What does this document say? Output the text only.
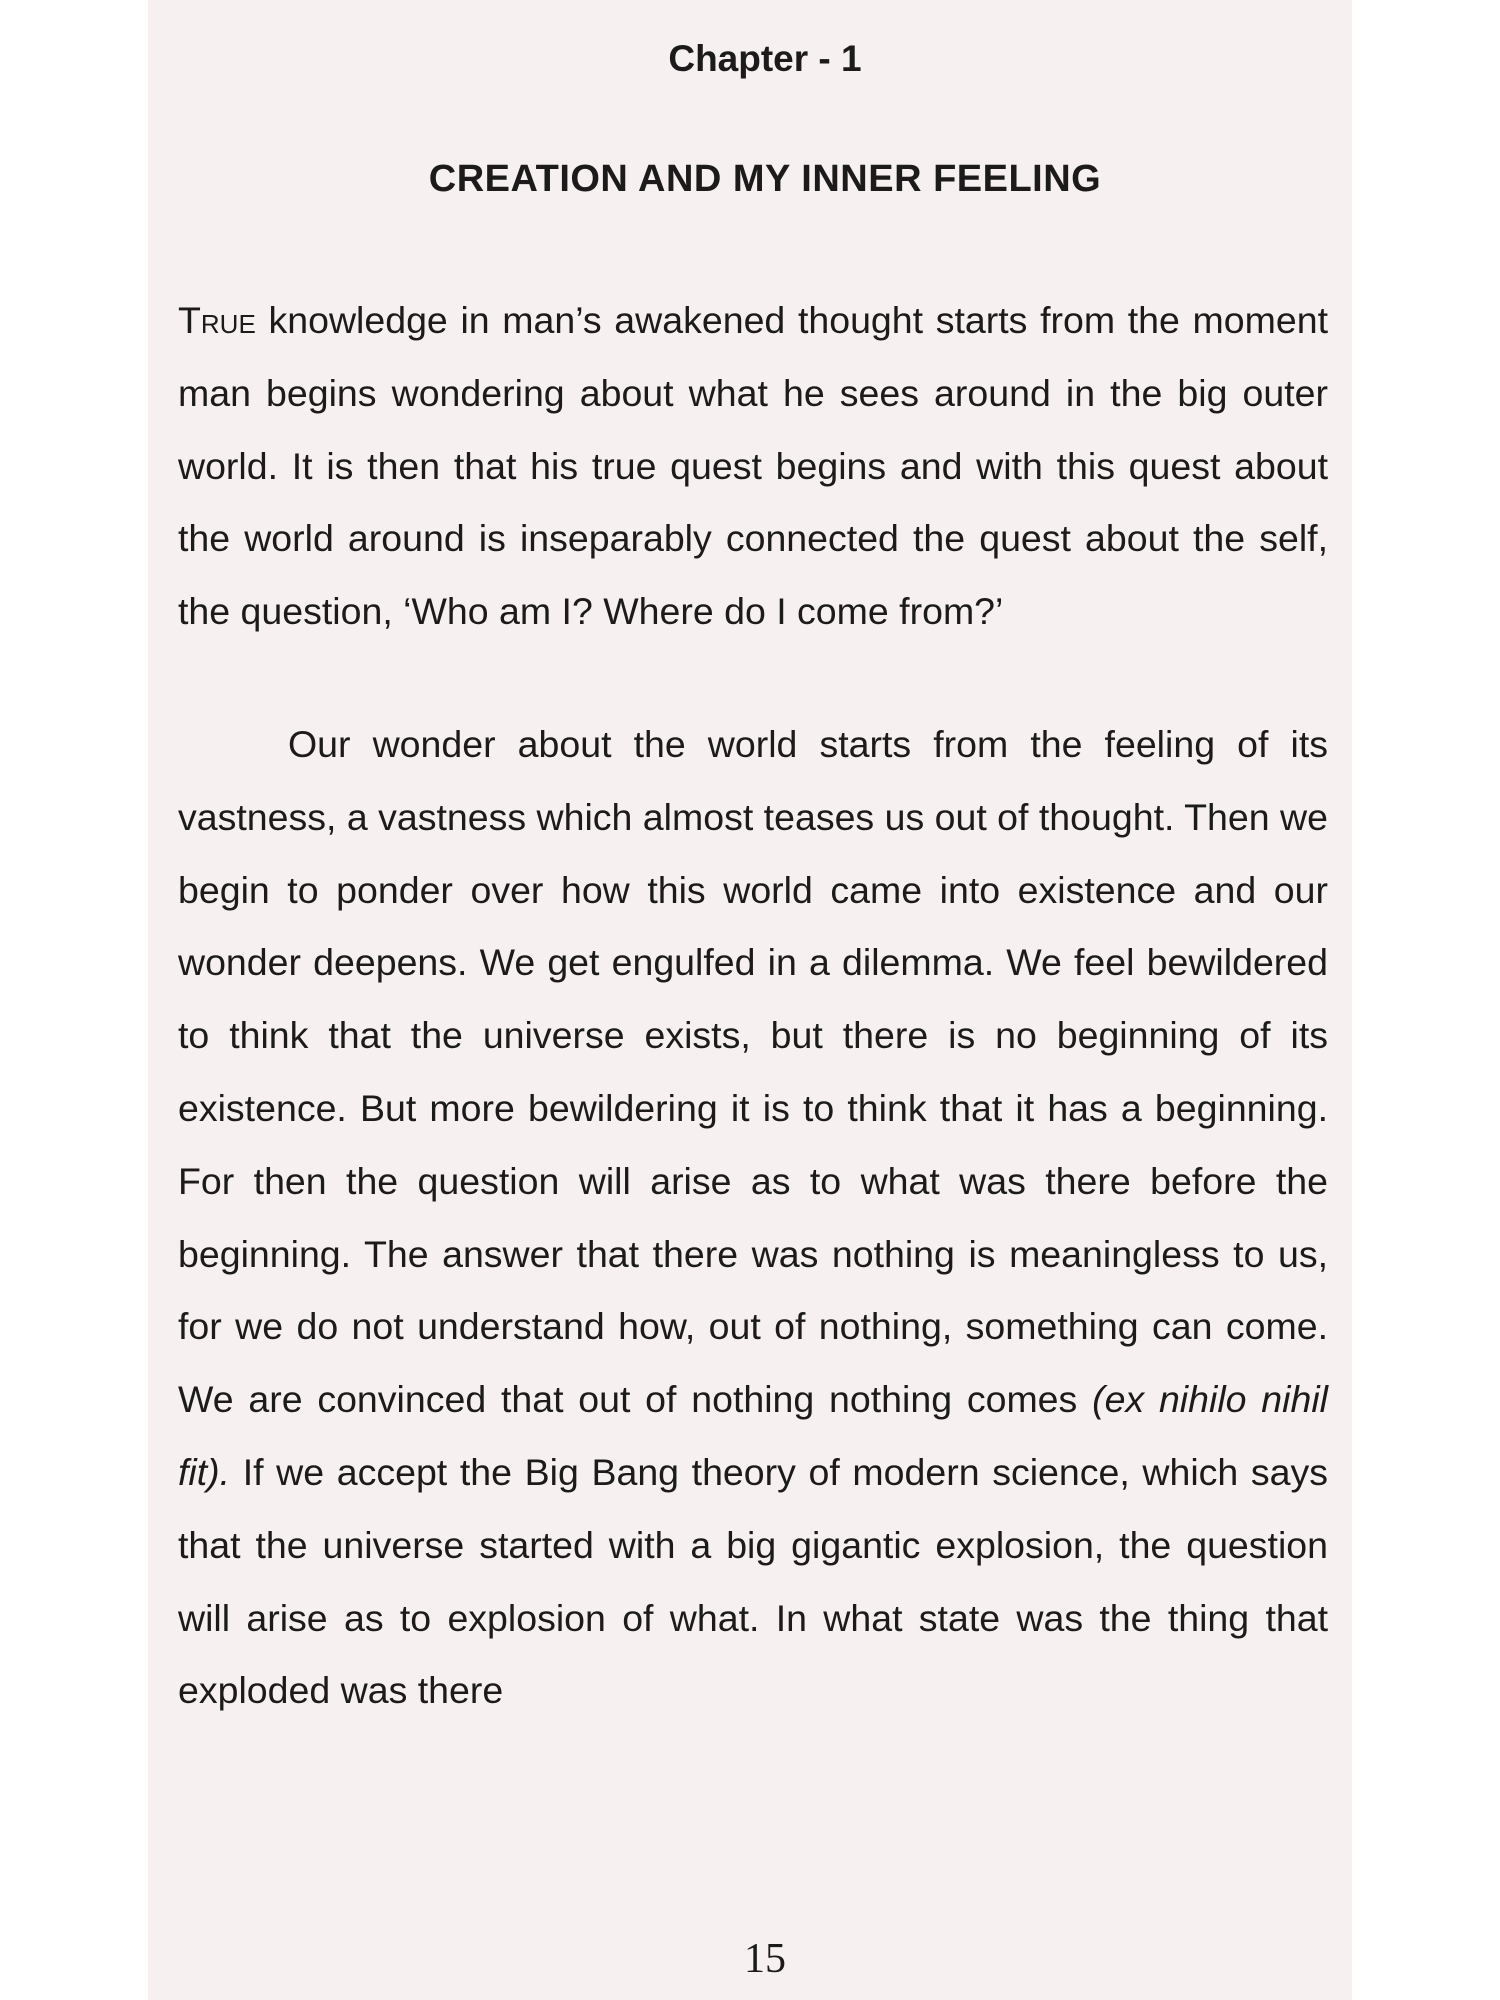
Chapter - 1
CREATION AND MY INNER FEELING

True knowledge in man’s awakened thought starts from the moment man begins wondering about what he sees around in the big outer world. It is then that his true quest begins and with this quest about the world around is inseparably connected the quest about the self, the question, ‘Who am I? Where do I come from?’

Our wonder about the world starts from the feeling of its vastness, a vastness which almost teases us out of thought. Then we begin to ponder over how this world came into existence and our wonder deepens. We get engulfed in a dilemma. We feel bewildered to think that the universe exists, but there is no beginning of its existence. But more bewildering it is to think that it has a beginning. For then the question will arise as to what was there before the beginning. The answer that there was nothing is meaningless to us, for we do not understand how, out of nothing, something can come. We are convinced that out of nothing nothing comes (ex nihilo nihil fit). If we accept the Big Bang theory of modern science, which says that the universe started with a big gigantic explosion, the question will arise as to explosion of what. In what state was the thing that exploded was there

15
